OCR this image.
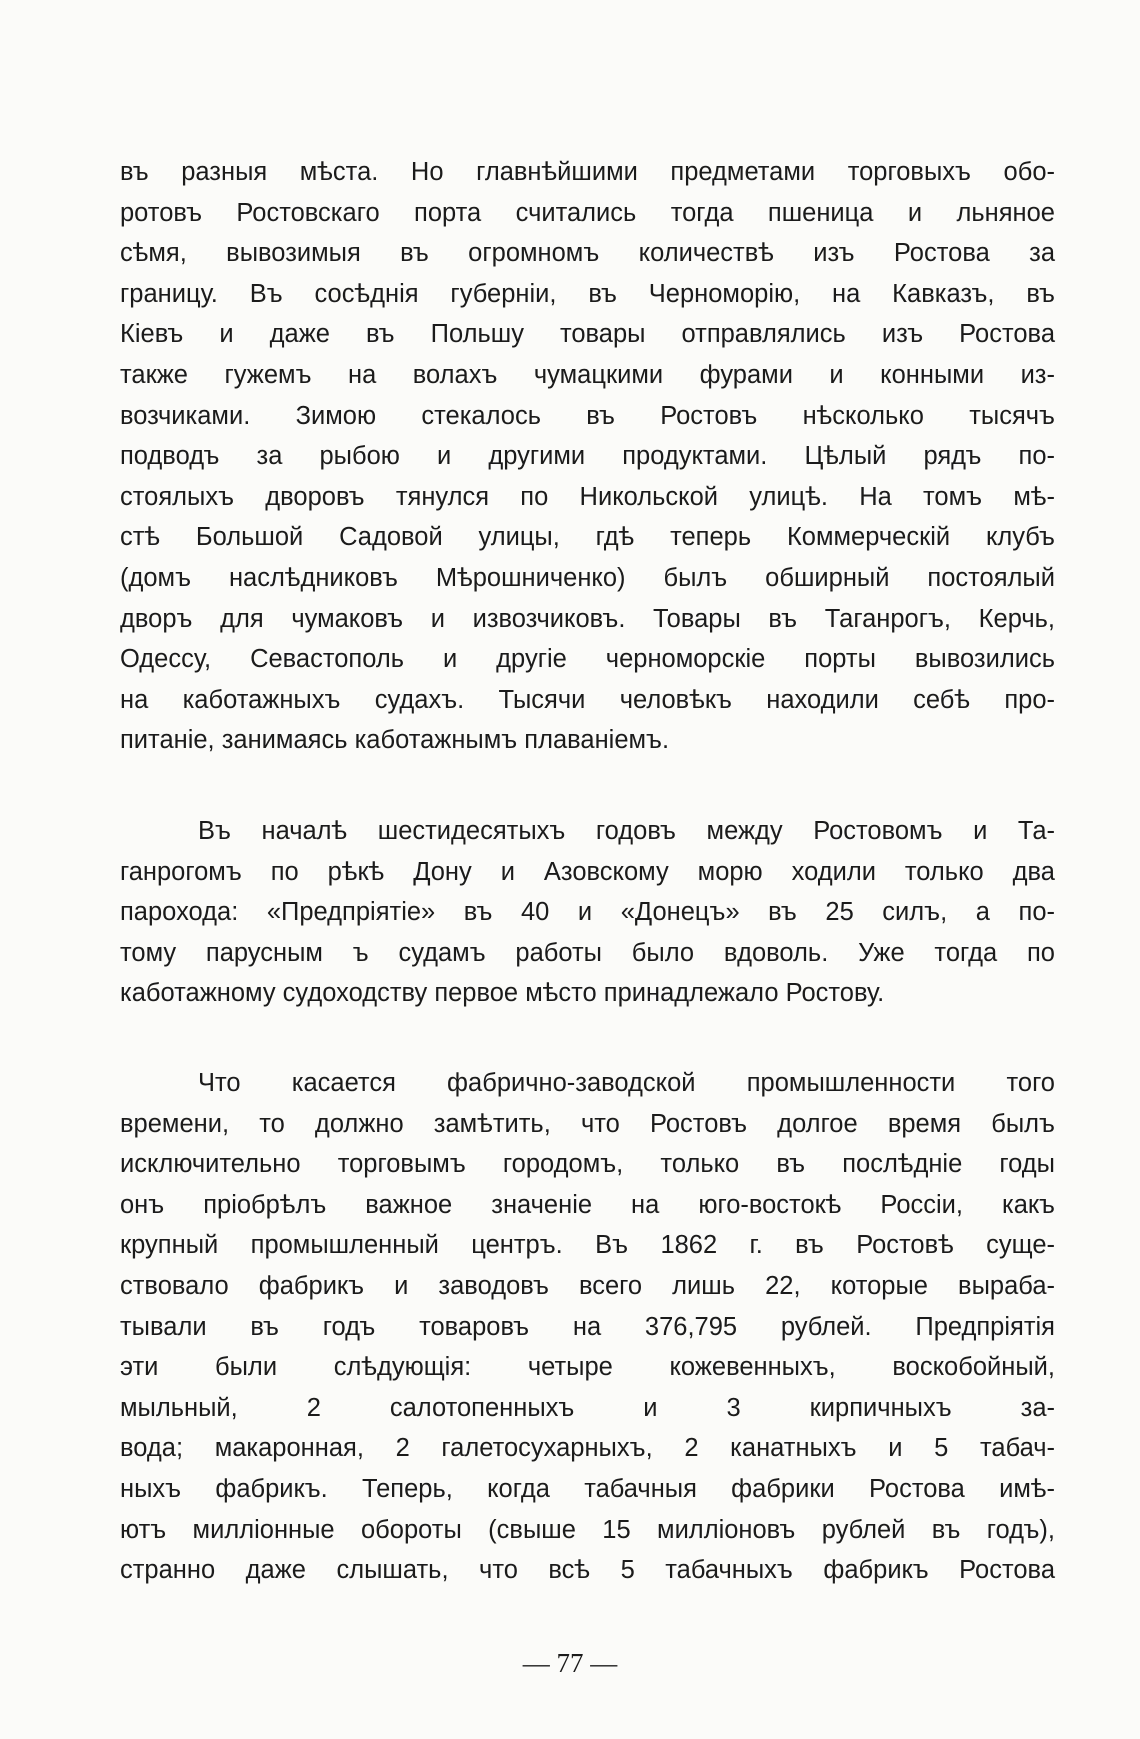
въ разныя мѣста. Но главнѣйшими предметами торговыхъ обо-
ротовъ Ростовскаго порта считались тогда пшеница и льняное
сѣмя, вывозимыя въ огромномъ количествѣ изъ Ростова за
границу. Въ сосѣднія губерніи, въ Черноморію, на Кавказъ, въ
Кіевъ и даже въ Польшу товары отправлялись изъ Ростова
также гужемъ на волахъ чумацкими фурами и конными из-
возчиками. Зимою стекалось въ Ростовъ нѣсколько тысячъ
подводъ за рыбою и другими продуктами. Цѣлый рядъ по-
стоялыхъ дворовъ тянулся по Никольской улицѣ. На томъ мѣ-
стѣ Большой Садовой улицы, гдѣ теперь Коммерческій клубъ
(домъ наслѣдниковъ Мѣрошниченко) былъ обширный постоялый
дворъ для чумаковъ и извозчиковъ. Товары въ Таганрогъ, Керчь,
Одессу, Севастополь и другіе черноморскіе порты вывозились
на каботажныхъ судахъ. Тысячи человѣкъ находили себѣ про-
питаніе, занимаясь каботажнымъ плаваніемъ.
Въ началѣ шестидесятыхъ годовъ между Ростовомъ и Та-
ганрогомъ по рѣкѣ Дону и Азовскому морю ходили только два
парохода: «Предпріятіе» въ 40 и «Донецъ» въ 25 силъ, а по-
тому парусным ъ судамъ работы было вдоволь. Уже тогда по
каботажному судоходству первое мѣсто принадлежало Ростову.
Что касается фабрично-заводской промышленности того
времени, то должно замѣтить, что Ростовъ долгое время былъ
исключительно торговымъ городомъ, только въ послѣдніе годы
онъ пріобрѣлъ важное значеніе на юго-востокѣ Россіи, какъ
крупный промышленный центръ. Въ 1862 г. въ Ростовѣ суще-
ствовало фабрикъ и заводовъ всего лишь 22, которые выраба-
тывали въ годъ товаровъ на 376,795 рублей. Предпріятія
эти были слѣдующія: четыре кожевенныхъ, воскобойный,
мыльный, 2 салотопенныхъ и 3 кирпичныхъ за-
вода; макаронная, 2 галетосухарныхъ, 2 канатныхъ и 5 табач-
ныхъ фабрикъ. Теперь, когда табачныя фабрики Ростова имѣ-
ютъ милліонные обороты (свыше 15 милліоновъ рублей въ годъ),
странно даже слышать, что всѣ 5 табачныхъ фабрикъ Ростова
— 77 —
